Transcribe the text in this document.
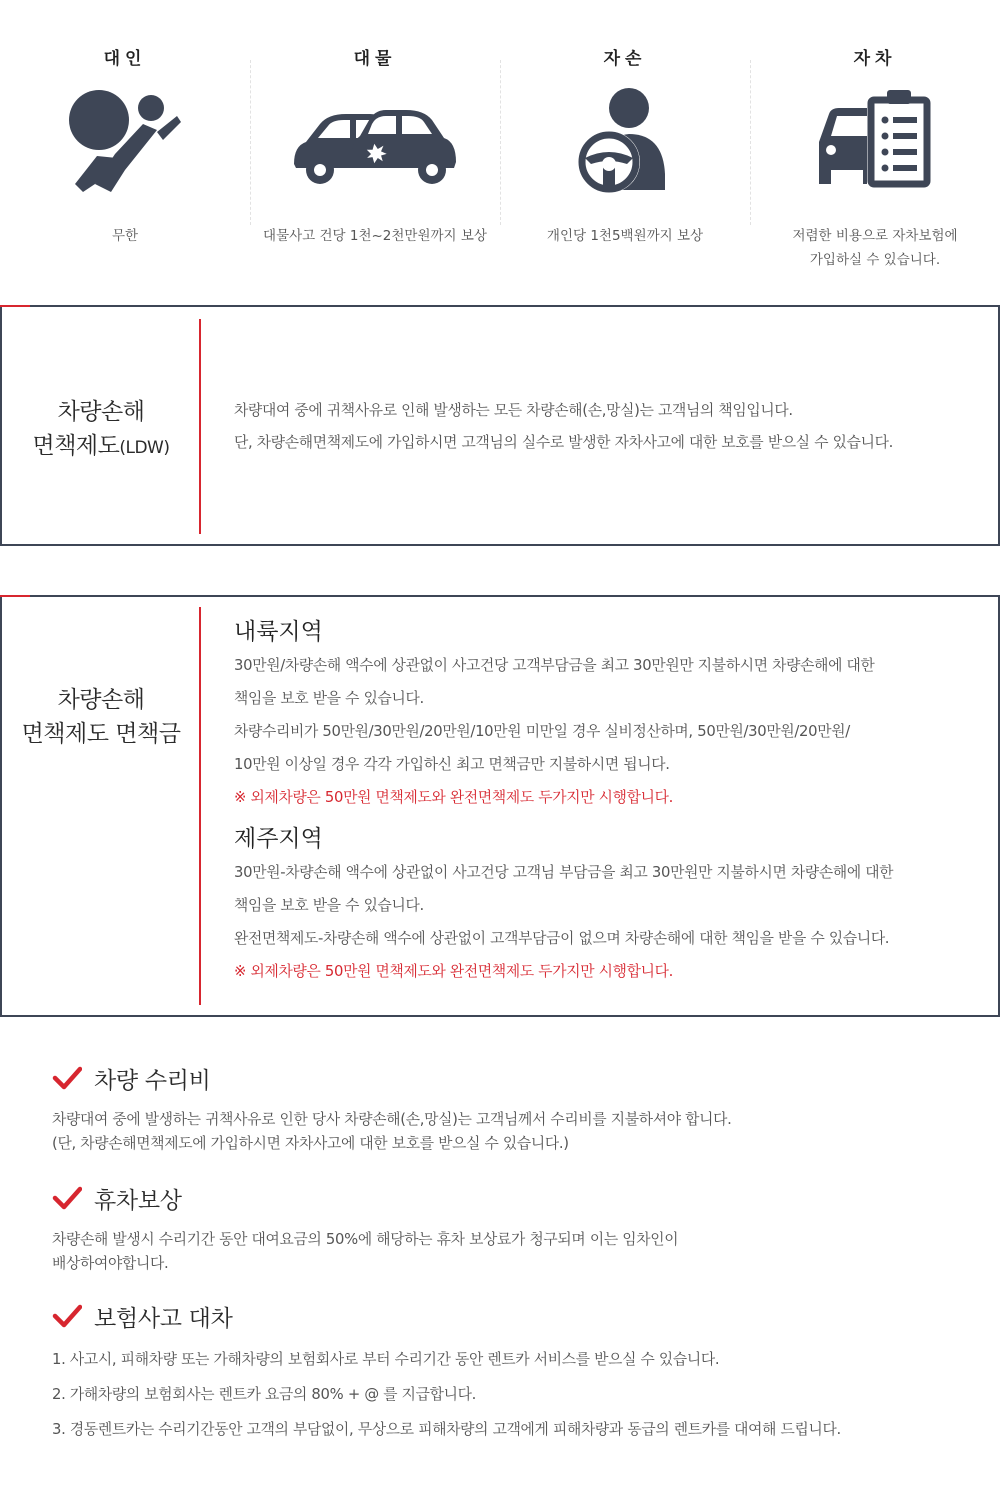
대인
무한
대물
대물사고 건당 1천~2천만원까지 보상
자손
개인당 1천5백원까지 보상
자차
저렴한 비용으로 자차보험에
가입하실 수 있습니다.
차량손해
면책제도(LDW)
차량대여 중에 귀책사유로 인해 발생하는 모든 차량손해(손,망실)는 고객님의 책임입니다.
단, 차량손해면책제도에 가입하시면 고객님의 실수로 발생한 자차사고에 대한 보호를 받으실 수 있습니다.
차량손해
면책제도 면책금
내륙지역
30만원/차량손해 액수에 상관없이 사고건당 고객부담금을 최고 30만원만 지불하시면 차량손해에 대한
책임을 보호 받을 수 있습니다.
차량수리비가 50만원/30만원/20만원/10만원 미만일 경우 실비정산하며, 50만원/30만원/20만원/
10만원 이상일 경우 각각 가입하신 최고 면책금만 지불하시면 됩니다.
※ 외제차량은 50만원 면책제도와 완전면책제도 두가지만 시행합니다.
제주지역
30만원-차량손해 액수에 상관없이 사고건당 고객님 부담금을 최고 30만원만 지불하시면 차량손해에 대한
책임을 보호 받을 수 있습니다.
완전면책제도-차량손해 액수에 상관없이 고객부담금이 없으며 차량손해에 대한 책임을 받을 수 있습니다.
※ 외제차량은 50만원 면책제도와 완전면책제도 두가지만 시행합니다.
차량 수리비
차량대여 중에 발생하는 귀책사유로 인한 당사 차량손해(손,망실)는 고객님께서 수리비를 지불하셔야 합니다.
(단, 차량손해면책제도에 가입하시면 자차사고에 대한 보호를 받으실 수 있습니다.)
휴차보상
차량손해 발생시 수리기간 동안 대여요금의 50%에 해당하는 휴차 보상료가 청구되며 이는 임차인이
배상하여야합니다.
보험사고 대차
1. 사고시, 피해차량 또는 가해차량의 보험회사로 부터 수리기간 동안 렌트카 서비스를 받으실 수 있습니다.
2. 가해차량의 보험회사는 렌트카 요금의 80% + @ 를 지급합니다.
3. 경동렌트카는 수리기간동안 고객의 부담없이, 무상으로 피해차량의 고객에게 피해차량과 동급의 렌트카를 대여해 드립니다.
